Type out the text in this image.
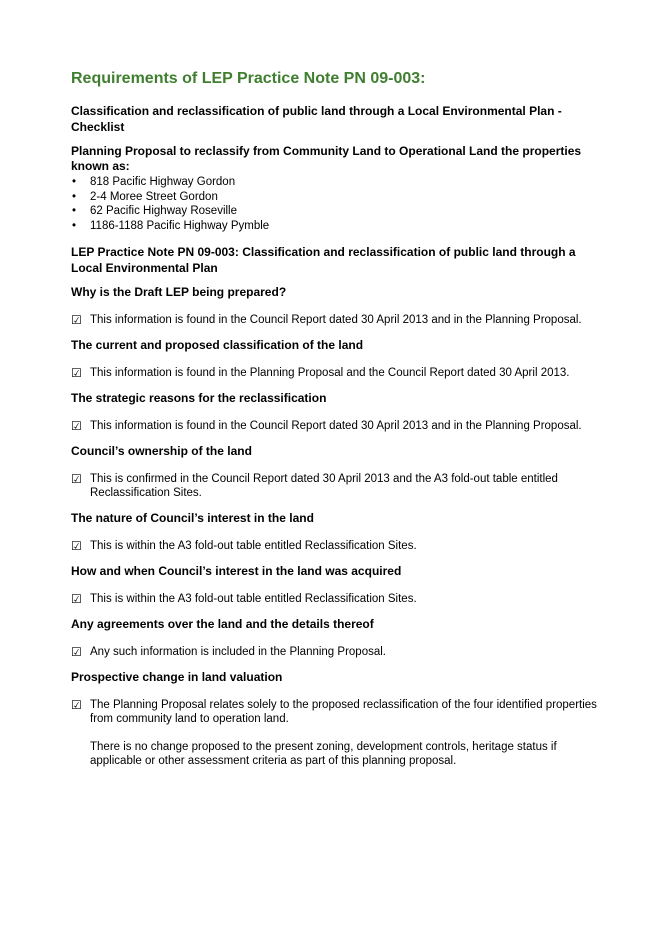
Requirements of LEP Practice Note PN 09-003:
Classification and reclassification of public land through a Local Environmental Plan - Checklist
Planning Proposal to reclassify from Community Land to Operational Land the properties known as:
• 818 Pacific Highway Gordon
• 2-4 Moree Street Gordon
• 62 Pacific Highway Roseville
• 1186-1188 Pacific Highway Pymble
LEP Practice Note PN 09-003: Classification and reclassification of public land through a Local Environmental Plan
Why is the Draft LEP being prepared?
☑ This information is found in the Council Report dated 30 April 2013 and in the Planning Proposal.

The current and proposed classification of the land
☑ This information is found in the Planning Proposal and the Council Report dated 30 April 2013.

The strategic reasons for the reclassification
☑ This information is found in the Council Report dated 30 April 2013 and in the Planning Proposal.

Council’s ownership of the land
☑ This is confirmed in the Council Report dated 30 April 2013 and the A3 fold-out table entitled Reclassification Sites.

The nature of Council’s interest in the land
☑ This is within the A3 fold-out table entitled Reclassification Sites.

How and when Council’s interest in the land was acquired
☑ This is within the A3 fold-out table entitled Reclassification Sites.

Any agreements over the land and the details thereof
☑ Any such information is included in the Planning Proposal.

Prospective change in land valuation
☑ The Planning Proposal relates solely to the proposed reclassification of the four identified properties from community land to operation land.

There is no change proposed to the present zoning, development controls, heritage status if applicable or other assessment criteria as part of this planning proposal.
